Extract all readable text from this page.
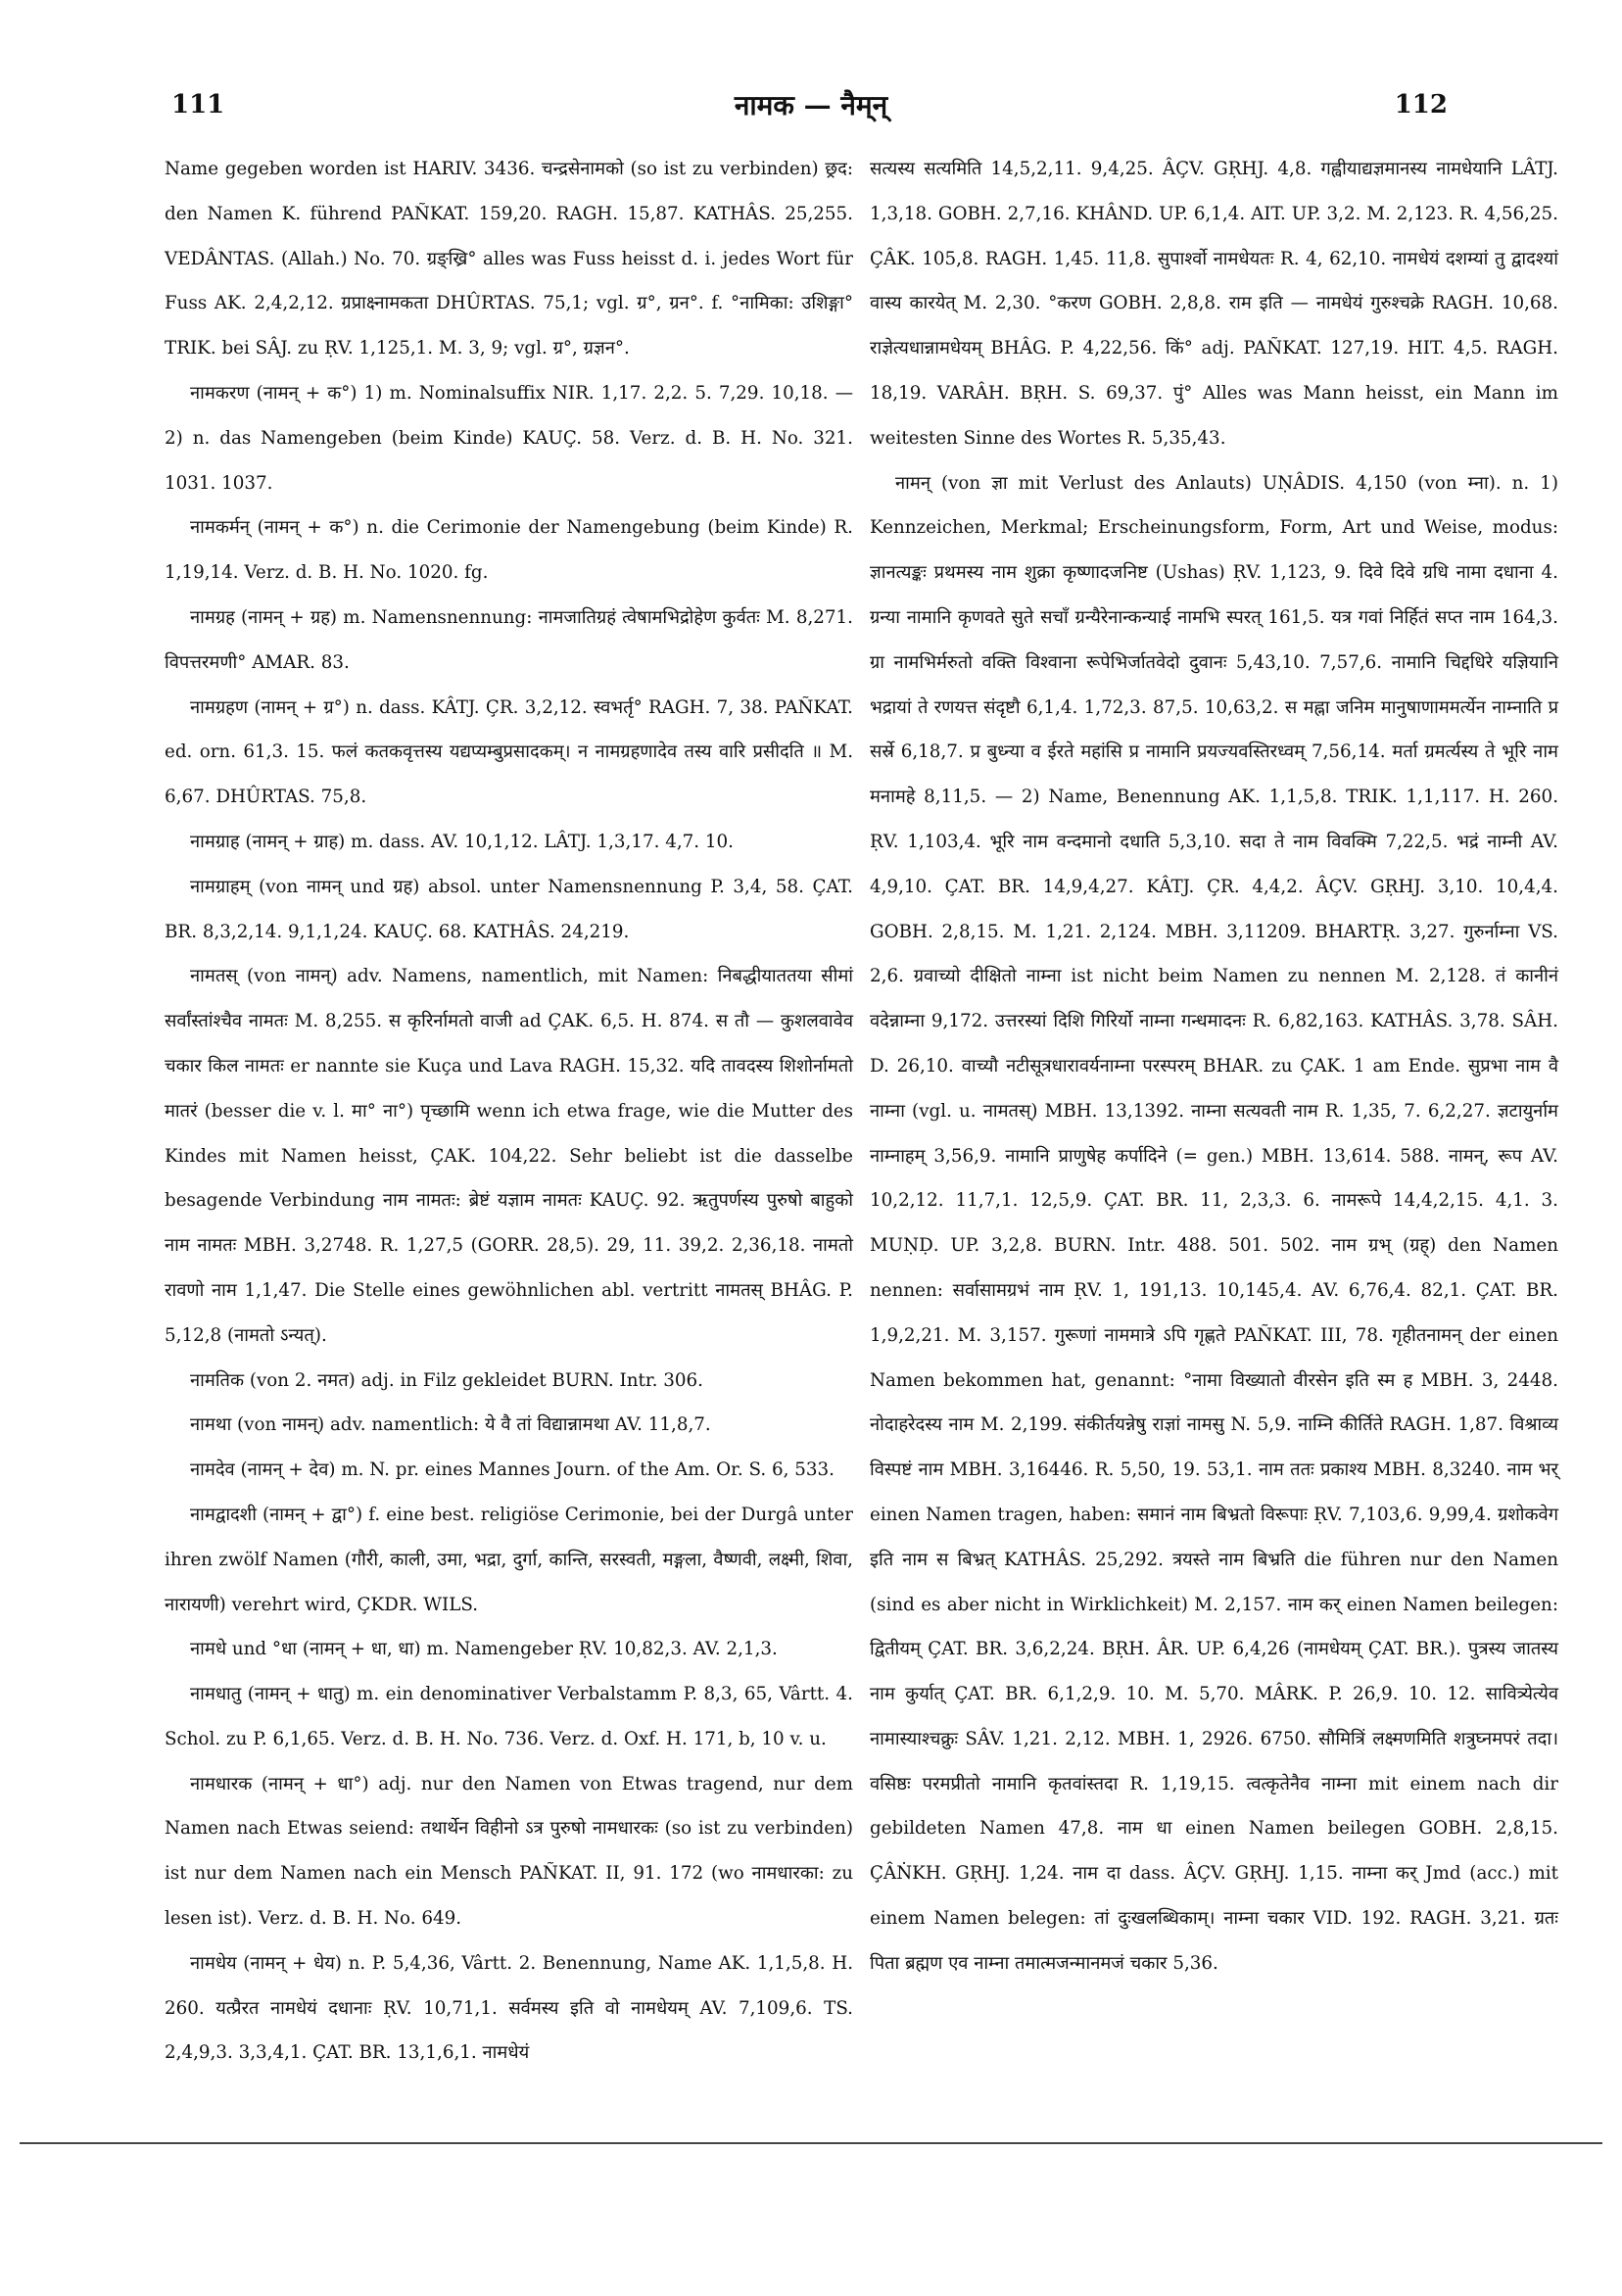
111	नामक — नैम्‌न्	112

Name gegeben worden ist HARIV. 3436. चन्द्रसेनामको (so ist zu verbinden) छ्रद: den Namen K. führend PAÑKAT. 159,20. RAGH. 15,87. KATHÂS. 25,255. VEDÂNTAS. (Allah.) No. 70. ग्रङ्ख्रि° alles was Fuss heisst d. i. jedes Wort für Fuss AK. 2,4,2,12. ग्रप्राक्ष्नामकता DHÛRTAS. 75,1; vgl. ग्र°, ग्रन°. f. °नामिका: उशिङ्गा° TRIK. bei SÂJ. zu ṚV. 1,125,1. M. 3, 9; vgl. ग्र°, ग्रज्ञन°.

नामकरण (नामन् + क°) 1) m. Nominalsuffix NIR. 1,17. 2,2. 5. 7,29. 10,18. — 2) n. das Namengeben (beim Kinde) KAUÇ. 58. Verz. d. B. H. No. 321. 1031. 1037.

नामकर्मन् (नामन् + क°) n. die Cerimonie der Namengebung (beim Kinde) R. 1,19,14. Verz. d. B. H. No. 1020. fg.

नामग्रह (नामन् + ग्रह) m. Namensnennung: नामजातिग्रहं त्वेषामभिद्रोहेण कुर्वतः M. 8,271. विपत्तरमणी° AMAR. 83.

नामग्रहण (नामन् + ग्र°) n. dass. KÂTJ. ÇR. 3,2,12. स्वभर्तृ° RAGH. 7, 38. PAÑKAT. ed. orn. 61,3. 15. फलं कतकवृत्तस्य यद्यप्यम्बुप्रसादकम्। न नामग्रहणादेव तस्य वारि प्रसीदति ॥ M. 6,67. DHÛRTAS. 75,8.

नामग्राह (नामन् + ग्राह) m. dass. AV. 10,1,12. LÂTJ. 1,3,17. 4,7. 10.

नामग्राहम् (von नामन् und ग्रह) absol. unter Namensnennung P. 3,4, 58. ÇAT. BR. 8,3,2,14. 9,1,1,24. KAUÇ. 68. KATHÂS. 24,219.

नामतस् (von नामन्) adv. Namens, namentlich, mit Namen: निबद्धीयाततया सीमां सर्वांस्तांश्चैव नामतः M. 8,255. स कृरिर्नामतो वाजी ad ÇAK. 6,5. H. 874. स तौ — कुशलवावेव चकार किल नामतः er nannte sie Kuça und Lava RAGH. 15,32. यदि तावदस्य शिशोर्नामतो मातरं (besser die v. l. मा° ना°) पृच्छामि wenn ich etwa frage, wie die Mutter des Kindes mit Namen heisst, ÇAK. 104,22. Sehr beliebt ist die dasselbe besagende Verbindung नाम नामतः: ब्रेष्टं यज्ञाम नामतः KAUÇ. 92. ऋतुपर्णस्य पुरुषो बाहुको नाम नामतः MBH. 3,2748. R. 1,27,5 (GORR. 28,5). 29, 11. 39,2. 2,36,18. नामतो रावणो नाम 1,1,47. Die Stelle eines gewöhnlichen abl. vertritt नामतस् BHÂG. P. 5,12,8 (नामतो ऽन्यत्).

नामतिक (von 2. नमत) adj. in Filz gekleidet BURN. Intr. 306.

नामथा (von नामन्) adv. namentlich: ये वै तां विद्यान्नामथा AV. 11,8,7.

नामदेव (नामन् + देव) m. N. pr. eines Mannes Journ. of the Am. Or. S. 6, 533.

नामद्वादशी (नामन् + द्वा°) f. eine best. religiöse Cerimonie, bei der Durgâ unter ihren zwölf Namen (गौरी, काली, उमा, भद्रा, दुर्गा, कान्ति, सरस्वती, मङ्गला, वैष्णवी, लक्ष्मी, शिवा, नारायणी) verehrt wird, ÇKDR. WILS.

नामधे und °धा (नामन् + धा, धा) m. Namengeber ṚV. 10,82,3. AV. 2,1,3.

नामधातु (नामन् + धातु) m. ein denominativer Verbalstamm P. 8,3, 65, Vârtt. 4. Schol. zu P. 6,1,65. Verz. d. B. H. No. 736. Verz. d. Oxf. H. 171, b, 10 v. u.

नामधारक (नामन् + धा°) adj. nur den Namen von Etwas tragend, nur dem Namen nach Etwas seiend: तथार्थेन विहीनो ऽत्र पुरुषो नामधारकः (so ist zu verbinden) ist nur dem Namen nach ein Mensch PAÑKAT. II, 91. 172 (wo नामधारका: zu lesen ist). Verz. d. B. H. No. 649.

नामधेय (नामन् + धेय) n. P. 5,4,36, Vârtt. 2. Benennung, Name AK. 1,1,5,8. H. 260. यत्प्रैरत नामधेयं दधानाः ṚV. 10,71,1. सर्वमस्य इति वो नामधेयम् AV. 7,109,6. TS. 2,4,9,3. 3,3,4,1. ÇAT. BR. 13,1,6,1. नामधेयं

सत्यस्य सत्यमिति 14,5,2,11. 9,4,25. ÂÇV. GṚHJ. 4,8. गह्वीयाद्यज्ञमानस्य नामधेयानि LÂTJ. 1,3,18. GOBH. 2,7,16. KHÂND. UP. 6,1,4. AIT. UP. 3,2. M. 2,123. R. 4,56,25. ÇÂK. 105,8. RAGH. 1,45. 11,8. सुपार्श्वो नामधेयतः R. 4, 62,10. नामधेयं दशम्यां तु द्वादश्यां वास्य कारयेत् M. 2,30. °करण GOBH. 2,8,8. राम इति — नामधेयं गुरुश्चक्रे RAGH. 10,68. राज्ञेत्यधान्नामधेयम् BHÂG. P. 4,22,56. किं° adj. PAÑKAT. 127,19. HIT. 4,5. RAGH. 18,19. VARÂH. BṚH. S. 69,37. पुं° Alles was Mann heisst, ein Mann im weitesten Sinne des Wortes R. 5,35,43.

नामन् (von ज्ञा mit Verlust des Anlauts) UṆÂDIS. 4,150 (von म्ना). n. 1) Kennzeichen, Merkmal; Erscheinungsform, Form, Art und Weise, modus: ज्ञानत्यङ्कः प्रथमस्य नाम शुक्रा कृष्णादजनिष्ट (Ushas) ṚV. 1,123, 9. दिवे दिवे ग्रधि नामा दधाना 4. ग्रन्या नामानि कृणवते सुते सचाँ ग्रन्यैरेनान्कन्याई नामभि स्परत् 161,5. यत्र गवां निर्हितं सप्त नाम 164,3. ग्रा नामभिर्मरुतो वक्ति विश्वाना रूपेभिर्जातवेदो दुवानः 5,43,10. 7,57,6. नामानि चिद्दधिरे यज्ञियानि भद्रायां ते रणयत्त संदृष्टौ 6,1,4. 1,72,3. 87,5. 10,63,2. स मह्ना जनिम मानुषाणाममर्त्येन नाम्नाति प्र सर्स्रे 6,18,7. प्र बुध्न्या व ईरते महांसि प्र नामानि प्रयज्यवस्तिरध्वम् 7,56,14. मर्ता ग्रमर्त्यस्य ते भूरि नाम मनामहे 8,11,5. — 2) Name, Benennung AK. 1,1,5,8. TRIK. 1,1,117. H. 260. ṚV. 1,103,4. भूरि नाम वन्दमानो दधाति 5,3,10. सदा ते नाम विवक्मि 7,22,5. भद्रं नाम्नी AV. 4,9,10. ÇAT. BR. 14,9,4,27. KÂTJ. ÇR. 4,4,2. ÂÇV. GṚHJ. 3,10. 10,4,4. GOBH. 2,8,15. M. 1,21. 2,124. MBH. 3,11209. BHARTṚ. 3,27. गुरुर्नाम्ना VS. 2,6. ग्रवाच्यो दीक्षितो नाम्ना ist nicht beim Namen zu nennen M. 2,128. तं कानीनं वदेन्नाम्ना 9,172. उत्तरस्यां दिशि गिरिर्यो नाम्ना गन्धमादनः R. 6,82,163. KATHÂS. 3,78. SÂH. D. 26,10. वाच्यौ नटीसूत्रधारावर्यनाम्ना परस्परम् BHAR. zu ÇAK. 1 am Ende. सुप्रभा नाम वै नाम्ना (vgl. u. नामतस्) MBH. 13,1392. नाम्ना सत्यवती नाम R. 1,35, 7. 6,2,27. ज्ञटायुर्नाम नाम्नाहम् 3,56,9. नामानि प्राणुषेह कर्पादिने (= gen.) MBH. 13,614. 588. नामन्, रूप AV. 10,2,12. 11,7,1. 12,5,9. ÇAT. BR. 11, 2,3,3. 6. नामरूपे 14,4,2,15. 4,1. 3. MUṆḌ. UP. 3,2,8. BURN. Intr. 488. 501. 502. नाम ग्रभ् (ग्रह्) den Namen nennen: सर्वासामग्रभं नाम ṚV. 1, 191,13. 10,145,4. AV. 6,76,4. 82,1. ÇAT. BR. 1,9,2,21. M. 3,157. गुरूणां नाममात्रे ऽपि गृह्णते PAÑKAT. III, 78. गृहीतनामन् der einen Namen bekommen hat, genannt: °नामा विख्यातो वीरसेन इति स्म ह MBH. 3, 2448. नोदाहरेदस्य नाम M. 2,199. संकीर्तयन्नेषु राज्ञां नामसु N. 5,9. नाम्नि कीर्तिते RAGH. 1,87. विश्राव्य विस्पष्टं नाम MBH. 3,16446. R. 5,50, 19. 53,1. नाम ततः प्रकाश्य MBH. 8,3240. नाम भर् einen Namen tragen, haben: समानं नाम बिभ्रतो विरूपाः ṚV. 7,103,6. 9,99,4. ग्रशोकवेग इति नाम स बिभ्रत् KATHÂS. 25,292. त्रयस्ते नाम बिभ्रति die führen nur den Namen (sind es aber nicht in Wirklichkeit) M. 2,157. नाम कर् einen Namen beilegen: द्वितीयम् ÇAT. BR. 3,6,2,24. BṚH. ÂR. UP. 6,4,26 (नामधेयम् ÇAT. BR.). पुत्रस्य जातस्य नाम कुर्यात् ÇAT. BR. 6,1,2,9. 10. M. 5,70. MÂRK. P. 26,9. 10. 12. सावित्र्येत्येव नामास्याश्चक्रुः SÂV. 1,21. 2,12. MBH. 1, 2926. 6750. सौमित्रिं लक्ष्मणमिति शत्रुघ्नमपरं तदा। वसिष्ठः परमप्रीतो नामानि कृतवांस्तदा R. 1,19,15. त्वत्कृतेनैव नाम्ना mit einem nach dir gebildeten Namen 47,8. नाम धा einen Namen beilegen GOBH. 2,8,15. ÇÂṄKH. GṚHJ. 1,24. नाम दा dass. ÂÇV. GṚHJ. 1,15. नाम्ना कर् Jmd (acc.) mit einem Namen belegen: तां दुःखलब्धिकाम्। नाम्ना चकार VID. 192. RAGH. 3,21. ग्रतः पिता ब्रह्मण एव नाम्ना तमात्मजन्मानमजं चकार 5,36.
